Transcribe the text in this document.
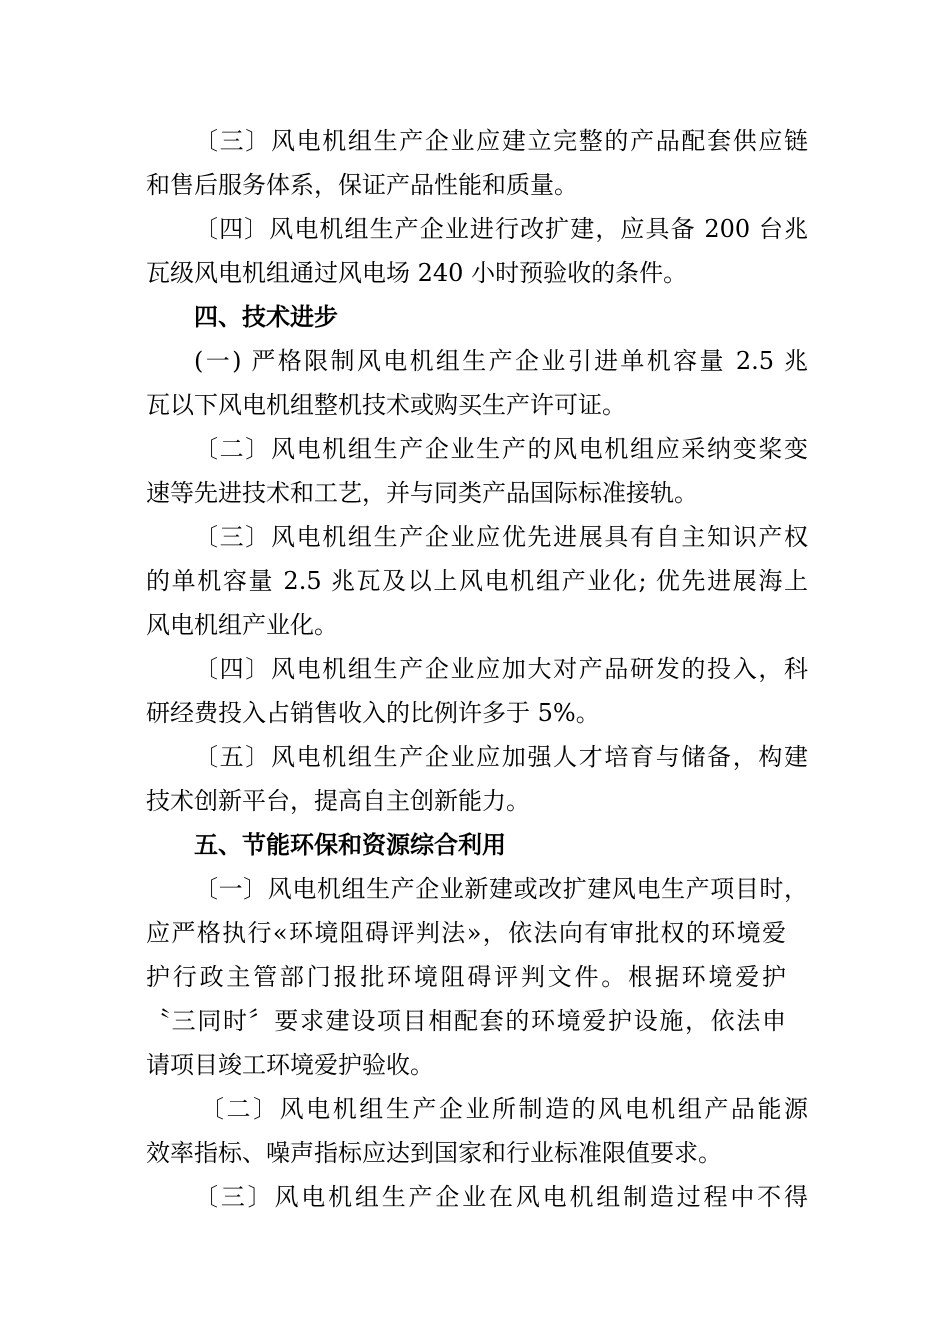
〔三〕风电机组生产企业应建立完整的产品配套供应链
和售后服务体系，保证产品性能和质量。
〔四〕风电机组生产企业进行改扩建，应具备 200 台兆
瓦级风电机组通过风电场 240 小时预验收的条件。
四、技术进步
(一) 严格限制风电机组生产企业引进单机容量 2.5 兆
瓦以下风电机组整机技术或购买生产许可证。
〔二〕风电机组生产企业生产的风电机组应采纳变桨变
速等先进技术和工艺，并与同类产品国际标准接轨。
〔三〕风电机组生产企业应优先进展具有自主知识产权
的单机容量 2.5 兆瓦及以上风电机组产业化; 优先进展海上
风电机组产业化。
〔四〕风电机组生产企业应加大对产品研发的投入，科
研经费投入占销售收入的比例许多于 5%。
〔五〕风电机组生产企业应加强人才培育与储备，构建
技术创新平台，提高自主创新能力。
五、节能环保和资源综合利用
〔一〕风电机组生产企业新建或改扩建风电生产项目时，
应严格执行«环境阻碍评判法»，依法向有审批权的环境爱
护行政主管部门报批环境阻碍评判文件。根据环境爱护
〝三同时〞要求建设项目相配套的环境爱护设施，依法申
请项目竣工环境爱护验收。
〔二〕风电机组生产企业所制造的风电机组产品能源
效率指标、噪声指标应达到国家和行业标准限值要求。
〔三〕风电机组生产企业在风电机组制造过程中不得
